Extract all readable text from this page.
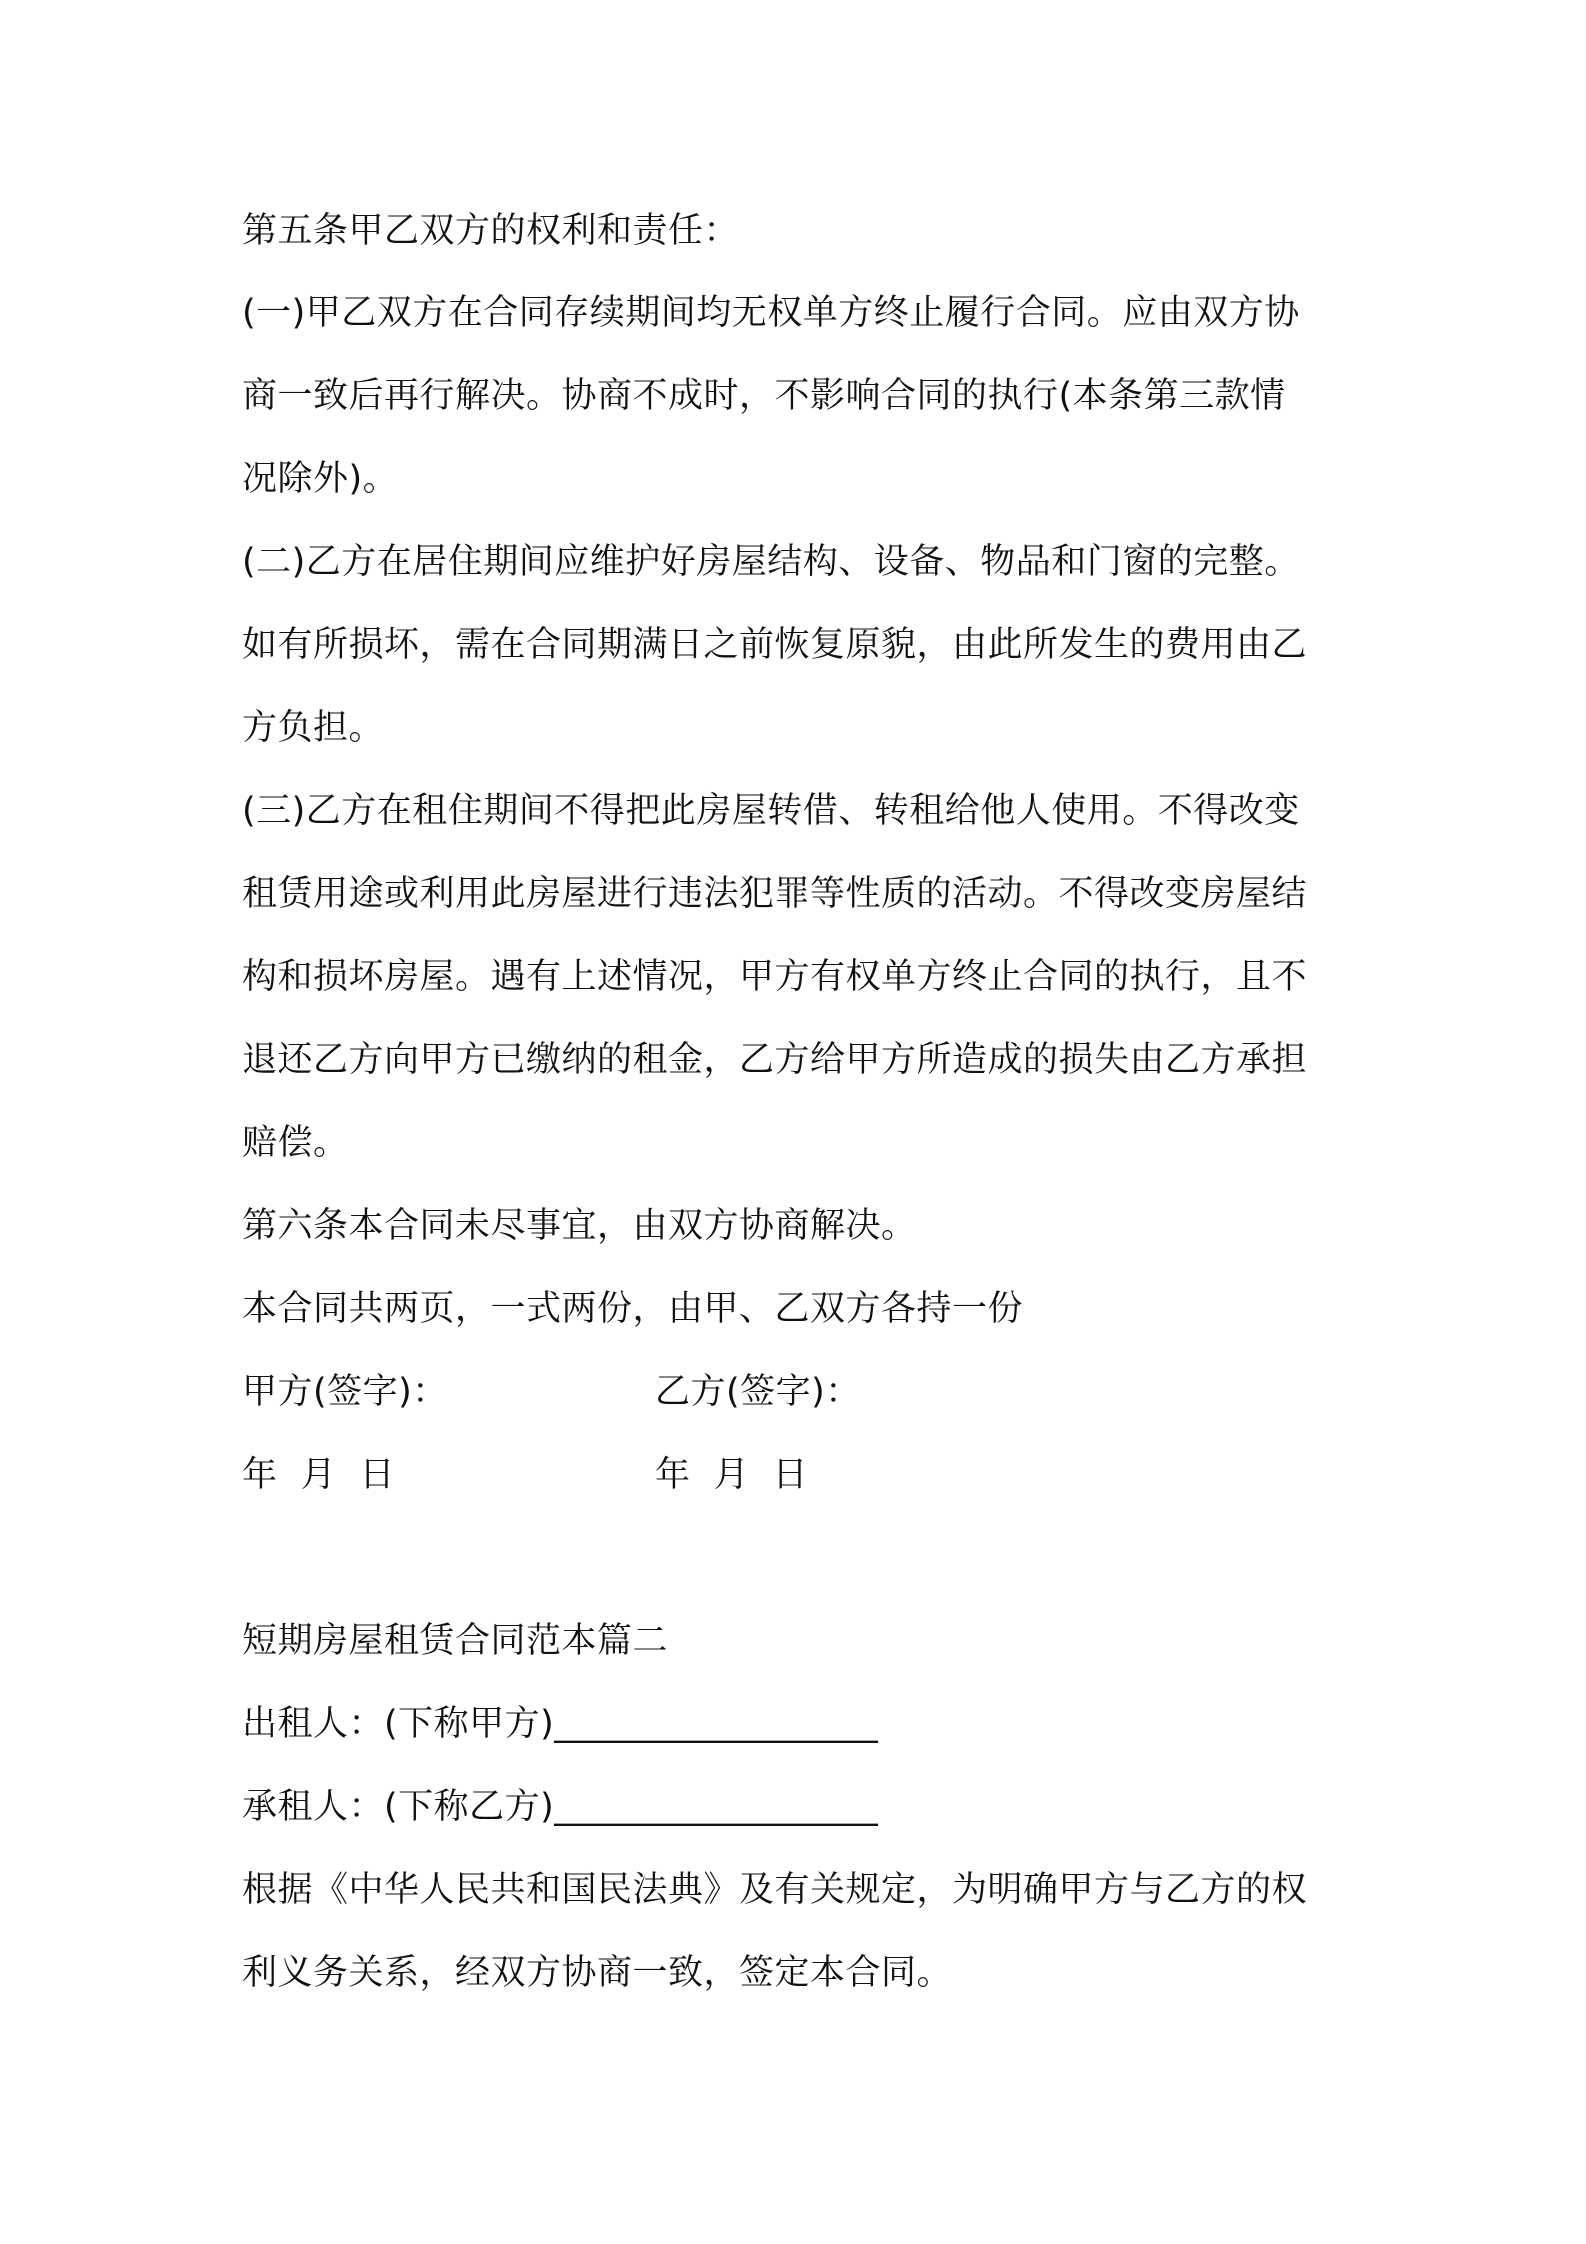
第五条甲乙双方的权利和责任：
(一)甲乙双方在合同存续期间均无权单方终止履行合同。应由双方协
商一致后再行解决。协商不成时，不影响合同的执行(本条第三款情
况除外)。
(二)乙方在居住期间应维护好房屋结构、设备、物品和门窗的完整。
如有所损坏，需在合同期满日之前恢复原貌，由此所发生的费用由乙
方负担。
(三)乙方在租住期间不得把此房屋转借、转租给他人使用。不得改变
租赁用途或利用此房屋进行违法犯罪等性质的活动。不得改变房屋结
构和损坏房屋。遇有上述情况，甲方有权单方终止合同的执行，且不
退还乙方向甲方已缴纳的租金，乙方给甲方所造成的损失由乙方承担
赔偿。
第六条本合同未尽事宜，由双方协商解决。
本合同共两页，一式两份，由甲、乙双方各持一份
甲方(签字)：	乙方(签字)：
年  月  日	年  月  日
短期房屋租赁合同范本篇二
出租人：(下称甲方)__________________
承租人：(下称乙方)__________________
根据《中华人民共和国民法典》及有关规定，为明确甲方与乙方的权
利义务关系，经双方协商一致，签定本合同。
